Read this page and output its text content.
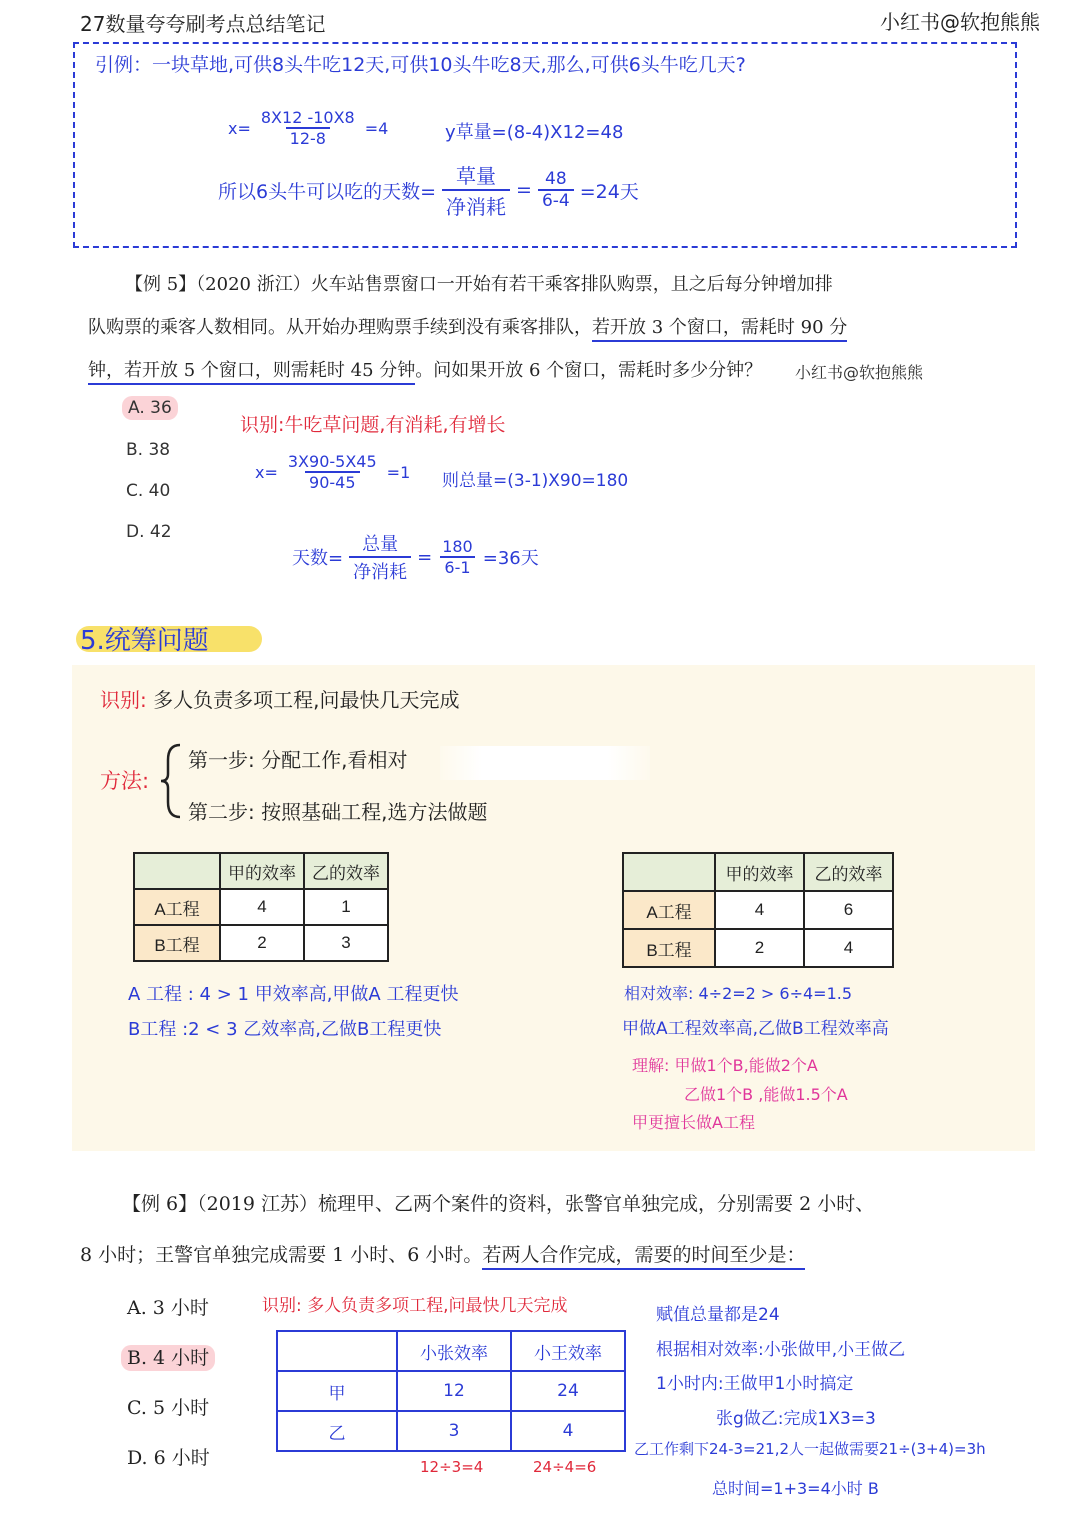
27数量夸夸刷考点总结笔记	小红书@软抱熊熊
引例：一块草地,可供8头牛吃12天,可供10头牛吃8天,那么,可供6头牛吃几天?
$x= \frac{8X12 -10X8}{12-8} =4$	y草量=(8-4)X12=48
所以6头牛可以吃的天数= $\frac{\text{草量}}{\text{净消耗}} = \frac{48}{6-4} =24$天
【例 5】（2020 浙江）火车站售票窗口一开始有若干乘客排队购票，且之后每分钟增加排
队购票的乘客人数相同。从开始办理购票手续到没有乘客排队，若开放 3 个窗口，需耗时 90 分
钟，若开放 5 个窗口，则需耗时 45 分钟。问如果开放 6 个窗口，需耗时多少分钟？ 小红书@软抱熊熊
A. 36
B. 38
C. 40
D. 42
识别:牛吃草问题,有消耗,有增长
$x= \frac{3X90-5X45}{90-45} =1$ 则总量=(3-1)X90=180
天数= $\frac{\text{总量}}{\text{净消耗}} = \frac{180}{6-1} =36$天
5.统筹问题
识别: 多人负责多项工程,问最快几天完成
方法:
第一步: 分配工作,看相对
第二步: 按照基础工程,选方法做题
	甲的效率	乙的效率
A工程	4	1
B工程	2	3
	甲的效率	乙的效率
A工程	4	6
B工程	2	4
A 工程 : 4 > 1 甲效率高,甲做A 工程更快
B工程 :2 < 3 乙效率高,乙做B工程更快
相对效率: 4÷2=2 > 6÷4=1.5
甲做A工程效率高,乙做B工程效率高
理解: 甲做1个B,能做2个A
乙做1个B ,能做1.5个A
甲更擅长做A工程
【例 6】（2019 江苏）梳理甲、乙两个案件的资料，张警官单独完成，分别需要 2 小时、
8 小时；王警官单独完成需要 1 小时、6 小时。若两人合作完成，需要的时间至少是：
A. 3 小时
B. 4 小时
C. 5 小时
D. 6 小时
识别: 多人负责多项工程,问最快几天完成
	小张效率	小王效率
甲	12	24
乙	3	4
12÷3=4	24÷4=6
赋值总量都是24
根据相对效率:小张做甲,小王做乙
1小时内:王做甲1小时搞定
张g做乙:完成1X3=3
乙工作剩下24-3=21,2人一起做需要21÷(3+4)=3h
总时间=1+3=4小时 B
